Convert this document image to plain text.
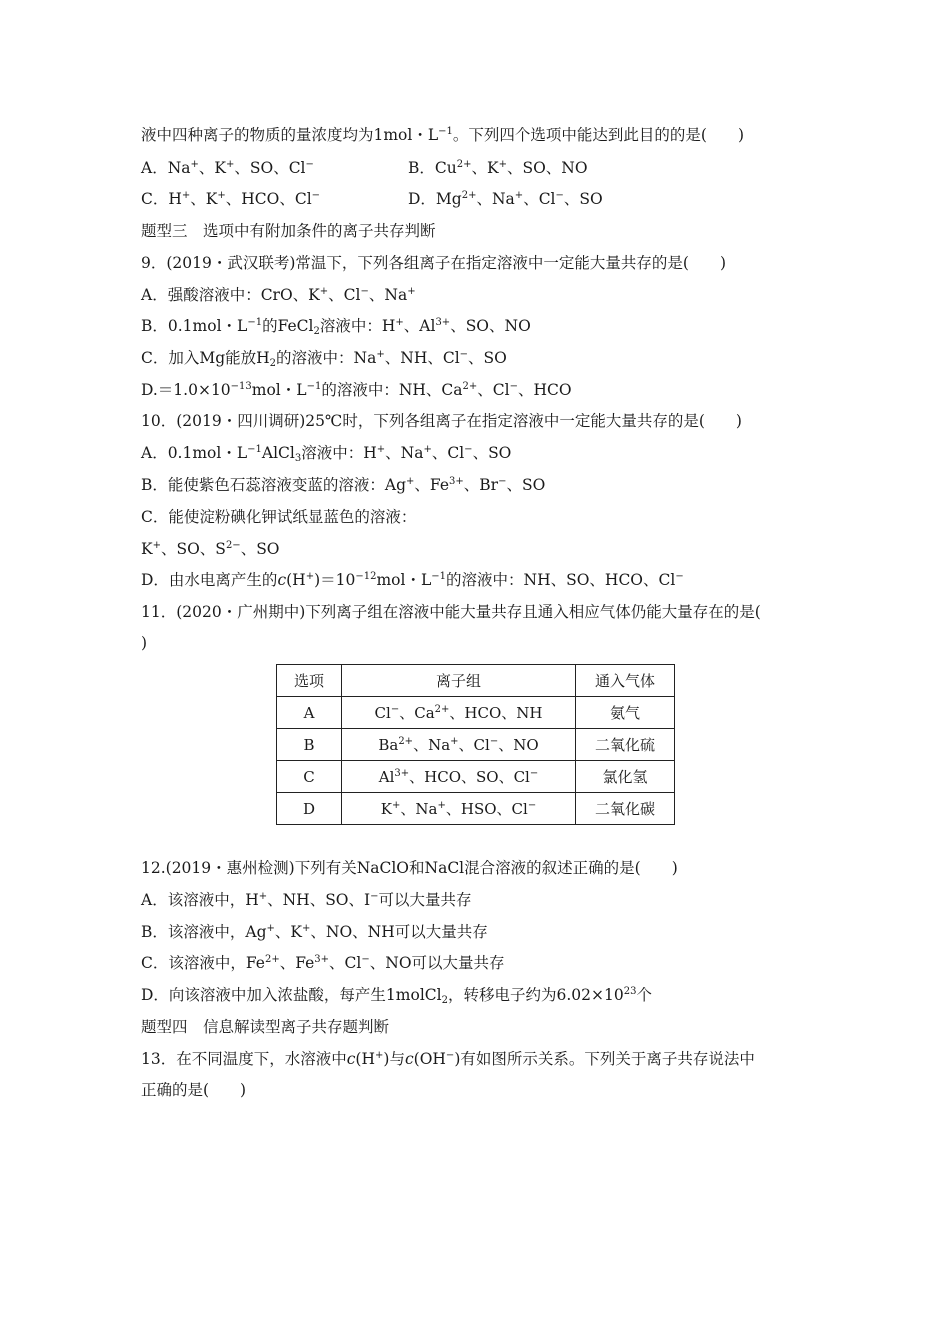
液中四种离子的物质的量浓度均为1mol・$L^{-1}$。下列四个选项中能达到此目的的是(　　)
A．Na+、K+、SO、Cl−	B．$Cu^{2+}$、K+、SO、NO
C．H+、K+、HCO、Cl−	D．$Mg^{2+}$、Na+、Cl−、SO
题型三　选项中有附加条件的离子共存判断
9．(2019・武汉联考)常温下，下列各组离子在指定溶液中一定能大量共存的是(　　)
A．强酸溶液中：CrO、K+、Cl−、Na+
B．0.1mol・$L^{-1}$的FeCl$_2$溶液中：H+、$Al^{3+}$、SO、NO
C．加入Mg能放$H_2$的溶液中：Na+、NH、Cl−、SO
$D.=1.0\times 10^{-13}mol$・$L^{-1}$的溶液中：NH、$Ca^{2+}$、Cl−、HCO
10．(2019・四川调研)25℃时，下列各组离子在指定溶液中一定能大量共存的是(　　)
A．0.1mol・$L^{-1}AlCl_3$溶液中：H+、Na+、Cl−、SO
B．能使紫色石蕊溶液变蓝的溶液：Ag+、$Fe^{3+}$、Br−、SO
C．能使淀粉碘化钾试纸显蓝色的溶液：
K+、SO、$S^{2-}$、SO
D．由水电离产生的$c(H^+)=10^{-12}mol$・$L^{-1}$的溶液中：NH、SO、HCO、Cl−
11．(2020・广州期中)下列离子组在溶液中能大量共存且通入相应气体仍能大量存在的是(
)
选项	离子组	通入气体
A	Cl−、$Ca^{2+}$、HCO、NH	氨气
B	$Ba^{2+}$、Na+、Cl−、NO	二氧化硫
C	$Al^{3+}$、HCO、SO、Cl−	氯化氢
D	K+、Na+、HSO、Cl−	二氧化碳
12.(2019・惠州检测)下列有关NaClO和NaCl混合溶液的叙述正确的是(　　)
A．该溶液中，H+、NH、SO、I−可以大量共存
B．该溶液中，Ag+、K+、NO、NH可以大量共存
C．该溶液中，$Fe^{2+}$、$Fe^{3+}$、Cl−、NO可以大量共存
D．向该溶液中加入浓盐酸，每产生1molCl$_2$，转移电子约为$6.02\times 10^{23}$个
题型四　信息解读型离子共存题判断
13．在不同温度下，水溶液中c(H+)与c(OH−)有如图所示关系。下列关于离子共存说法中
正确的是(　　)
